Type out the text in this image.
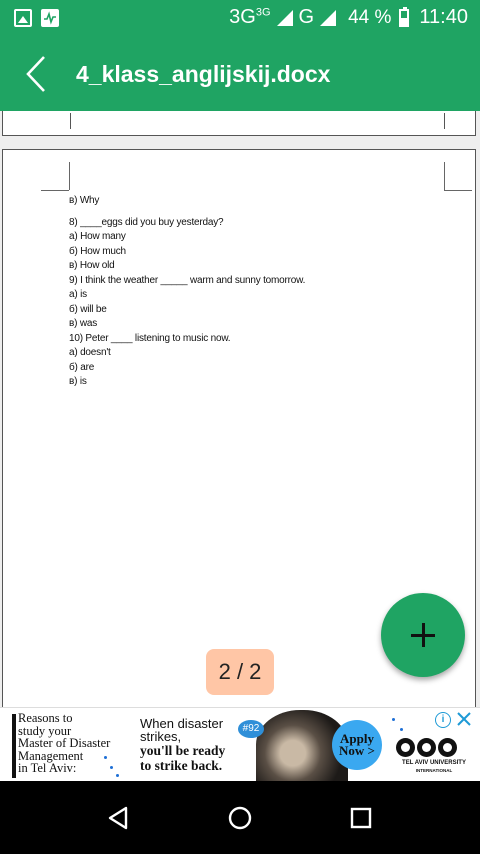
$3G^{3G}$ G 44 % 11:40
4_klass_anglijskij.docx
в) Why
8) ____eggs did you buy yesterday?
а) How many
б) How much
в) How old
9) I think the weather _____ warm and sunny tomorrow.
а) is
б) will be
в) was
10) Peter ____ listening to music now.
а) doesn't
б) are
в) is
2 / 2
Reasons to
study your
Master of Disaster
Management
in Tel Aviv:
When disaster
strikes,
you'll be ready
to strike back.
#92
Apply
Now >
TEL AVIV UNIVERSITY
INTERNATIONAL
i
